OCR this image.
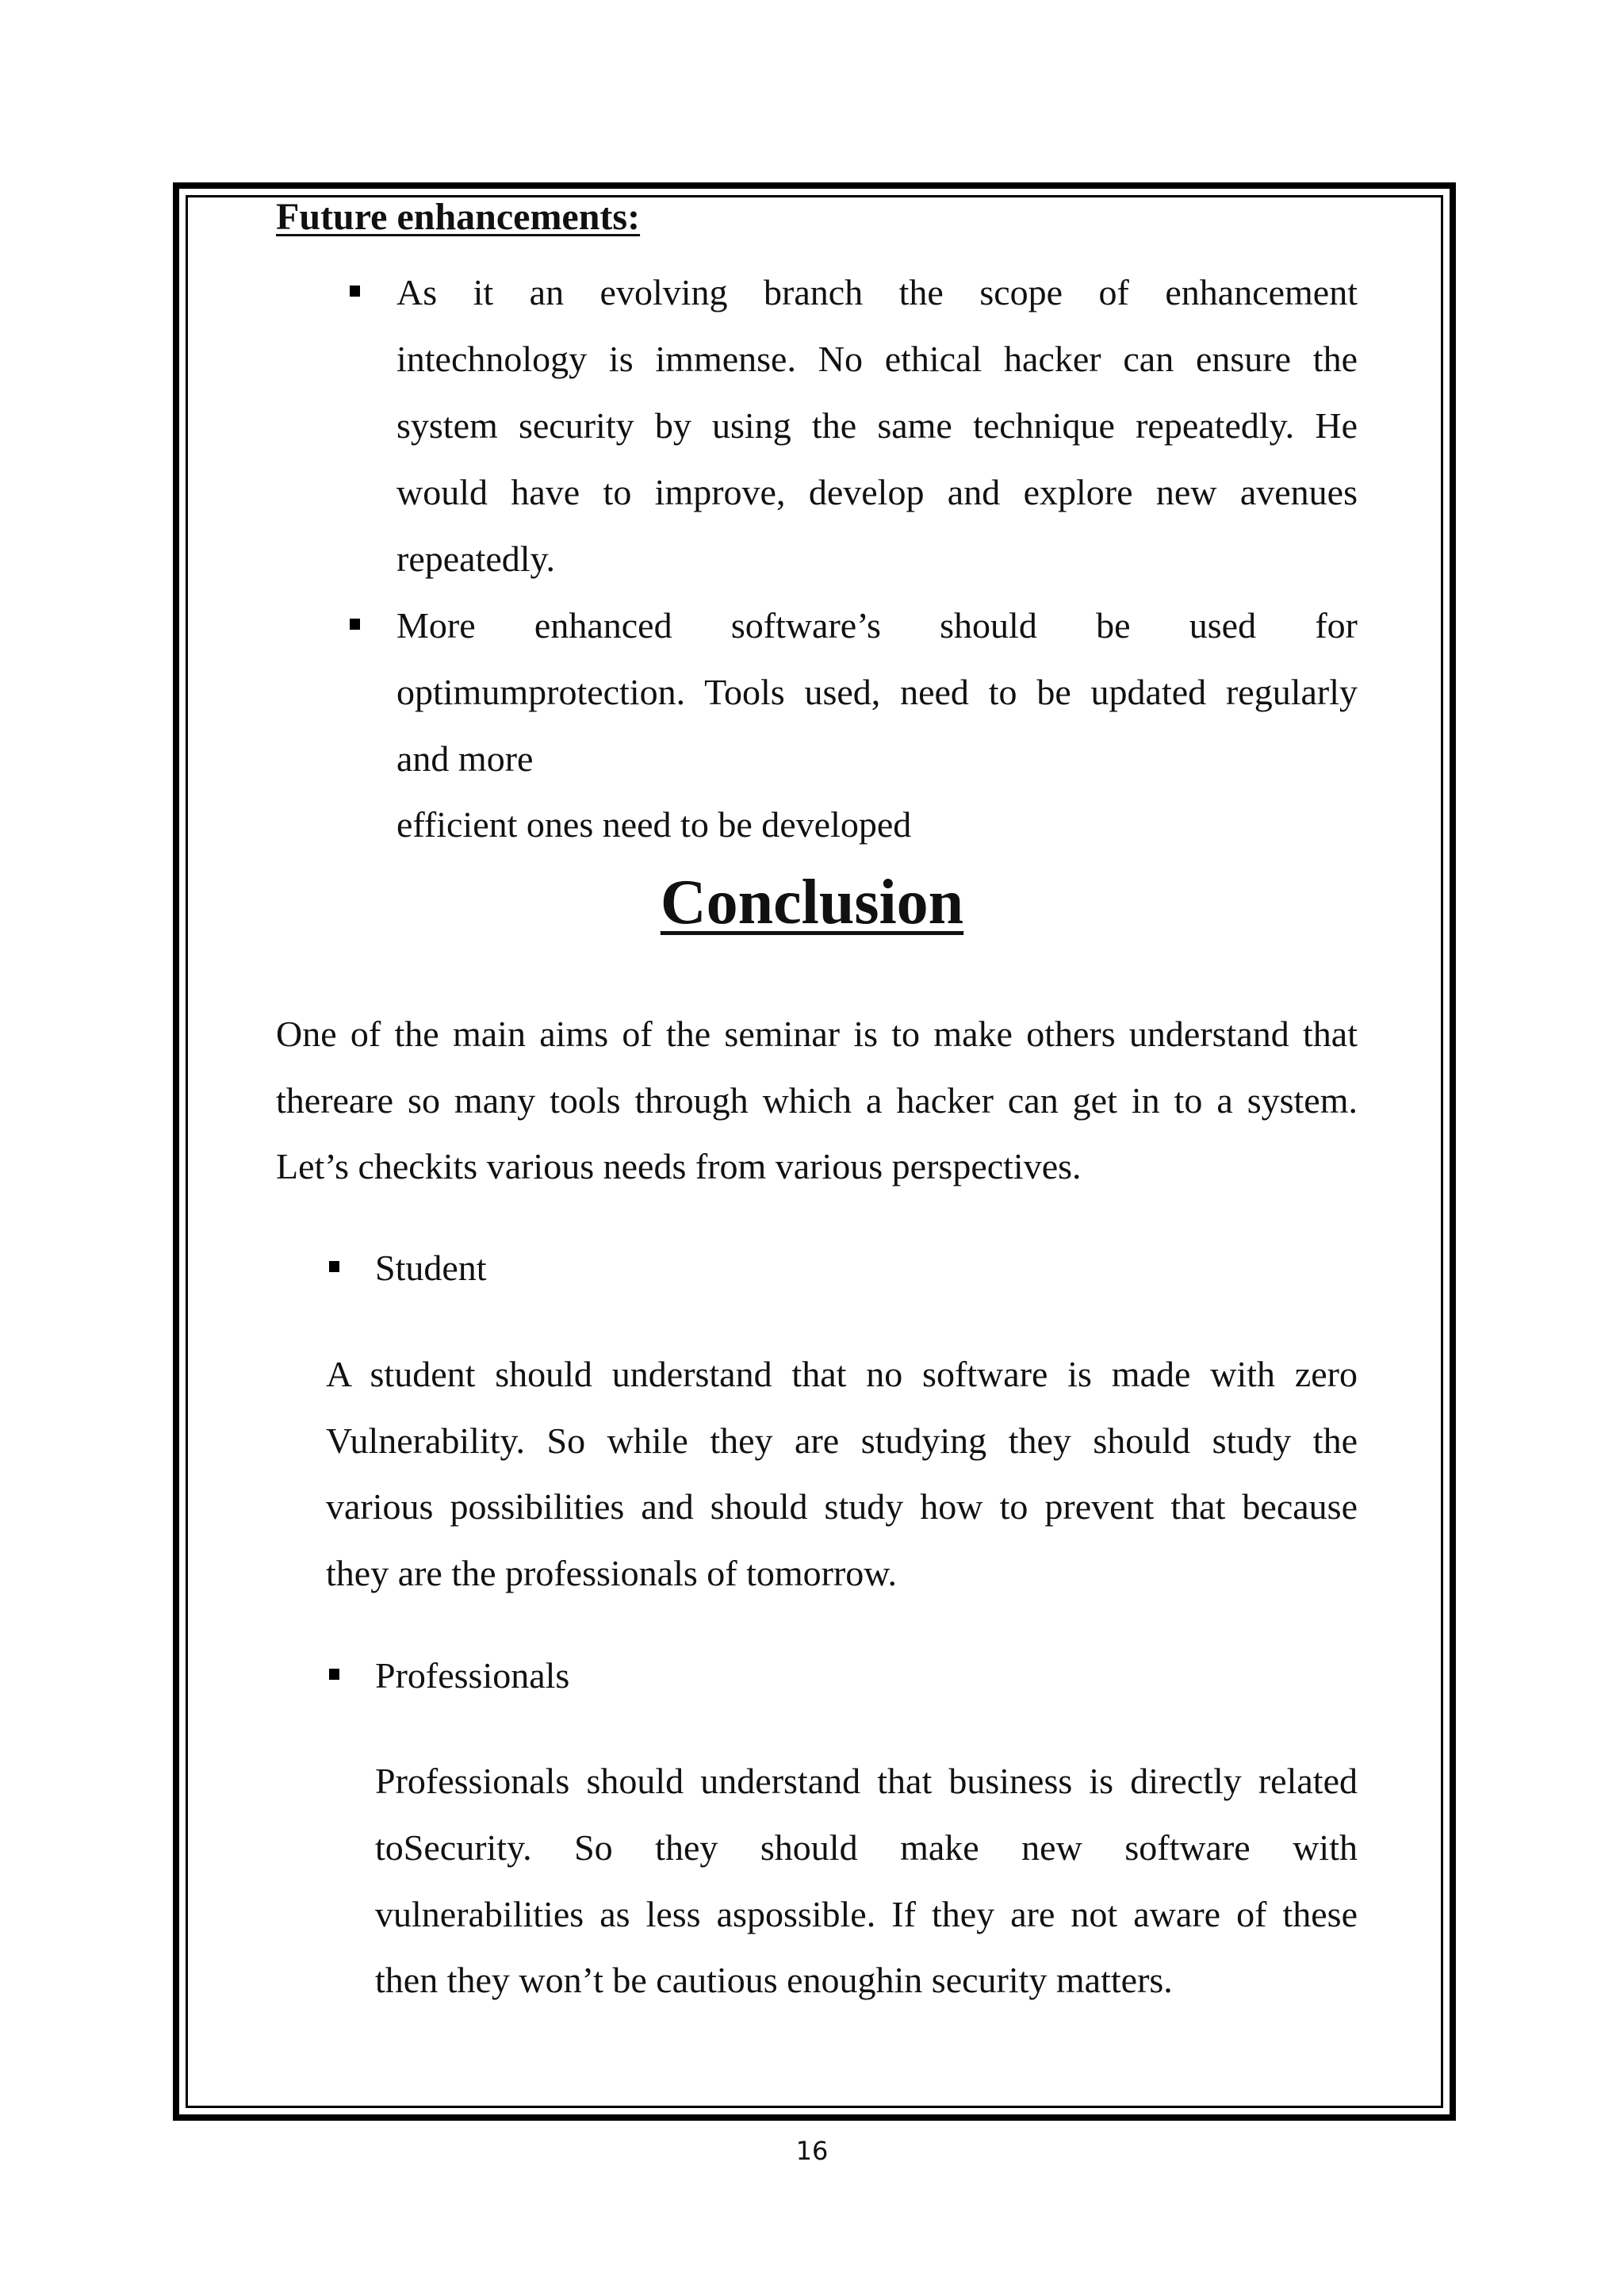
Future enhancements:
As it an evolving branch the scope of enhancement
intechnology is immense. No ethical hacker can ensure the
system security by using the same technique repeatedly. He
would have to improve, develop and explore new avenues
repeatedly.
More enhanced software’s should be used for
optimumprotection. Tools used, need to be updated regularly
and more
efficient ones need to be developed
Conclusion
One of the main aims of the seminar is to make others understand that
thereare so many tools through which a hacker can get in to a system.
Let’s checkits various needs from various perspectives.
Student
A student should understand that no software is made with zero
Vulnerability. So while they are studying they should study the
various possibilities and should study how to prevent that because
they are the professionals of tomorrow.
Professionals
Professionals should understand that business is directly related
toSecurity. So they should make new software with
vulnerabilities as less aspossible. If they are not aware of these
then they won’t be cautious enoughin security matters.
16
